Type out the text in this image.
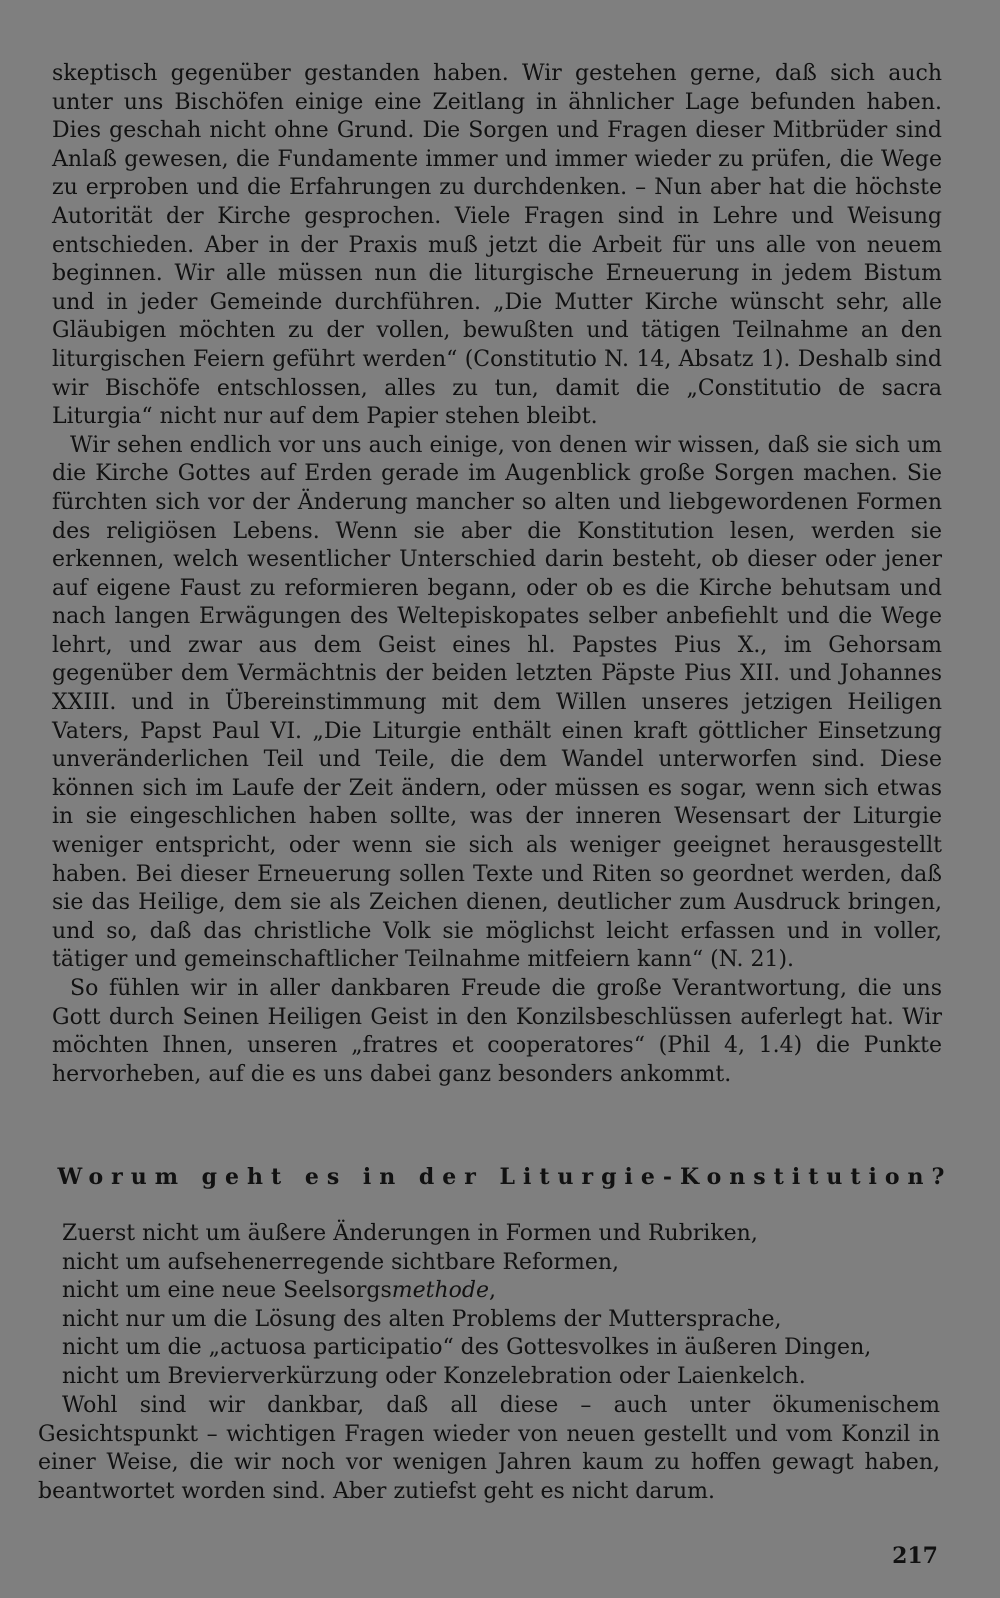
skeptisch gegenüber gestanden haben. Wir gestehen gerne, daß sich auch unter uns Bischöfen einige eine Zeitlang in ähnlicher Lage befunden haben. Dies geschah nicht ohne Grund. Die Sorgen und Fragen dieser Mitbrüder sind Anlaß gewesen, die Fundamente immer und immer wieder zu prüfen, die Wege zu erproben und die Erfahrungen zu durchdenken. – Nun aber hat die höchste Autorität der Kirche gesprochen. Viele Fragen sind in Lehre und Weisung entschieden. Aber in der Praxis muß jetzt die Arbeit für uns alle von neuem beginnen. Wir alle müssen nun die liturgische Erneuerung in jedem Bistum und in jeder Gemeinde durchführen. „Die Mutter Kirche wünscht sehr, alle Gläubigen möchten zu der vollen, bewußten und tätigen Teilnahme an den liturgischen Feiern geführt werden“ (Constitutio N. 14, Absatz 1). Deshalb sind wir Bischöfe entschlossen, alles zu tun, damit die „Constitutio de sacra Liturgia“ nicht nur auf dem Papier stehen bleibt.

Wir sehen endlich vor uns auch einige, von denen wir wissen, daß sie sich um die Kirche Gottes auf Erden gerade im Augenblick große Sorgen machen. Sie fürchten sich vor der Änderung mancher so alten und liebgewordenen Formen des religiösen Lebens. Wenn sie aber die Konstitution lesen, werden sie erkennen, welch wesentlicher Unterschied darin besteht, ob dieser oder jener auf eigene Faust zu reformieren begann, oder ob es die Kirche behutsam und nach langen Erwägungen des Weltepiskopates selber anbefiehlt und die Wege lehrt, und zwar aus dem Geist eines hl. Papstes Pius X., im Gehorsam gegenüber dem Vermächtnis der beiden letzten Päpste Pius XII. und Johannes XXIII. und in Übereinstimmung mit dem Willen unseres jetzigen Heiligen Vaters, Papst Paul VI. „Die Liturgie enthält einen kraft göttlicher Einsetzung unveränderlichen Teil und Teile, die dem Wandel unterworfen sind. Diese können sich im Laufe der Zeit ändern, oder müssen es sogar, wenn sich etwas in sie eingeschlichen haben sollte, was der inneren Wesensart der Liturgie weniger entspricht, oder wenn sie sich als weniger geeignet herausgestellt haben. Bei dieser Erneuerung sollen Texte und Riten so geordnet werden, daß sie das Heilige, dem sie als Zeichen dienen, deutlicher zum Ausdruck bringen, und so, daß das christliche Volk sie möglichst leicht erfassen und in voller, tätiger und gemeinschaftlicher Teilnahme mitfeiern kann“ (N. 21).

So fühlen wir in aller dankbaren Freude die große Verantwortung, die uns Gott durch Seinen Heiligen Geist in den Konzilsbeschlüssen auferlegt hat. Wir möchten Ihnen, unseren „fratres et cooperatores“ (Phil 4, 1.4) die Punkte hervorheben, auf die es uns dabei ganz besonders ankommt.

Worum geht es in der Liturgie-Konstitution?

Zuerst nicht um äußere Änderungen in Formen und Rubriken,

nicht um aufsehenerregende sichtbare Reformen,

nicht um eine neue Seelsorgsmethode,

nicht nur um die Lösung des alten Problems der Muttersprache,

nicht um die „actuosa participatio“ des Gottesvolkes in äußeren Dingen,

nicht um Brevierverkürzung oder Konzelebration oder Laienkelch.

Wohl sind wir dankbar, daß all diese – auch unter ökumenischem Gesichtspunkt – wichtigen Fragen wieder von neuen gestellt und vom Konzil in einer Weise, die wir noch vor wenigen Jahren kaum zu hoffen gewagt haben, beantwortet worden sind. Aber zutiefst geht es nicht darum.

217
